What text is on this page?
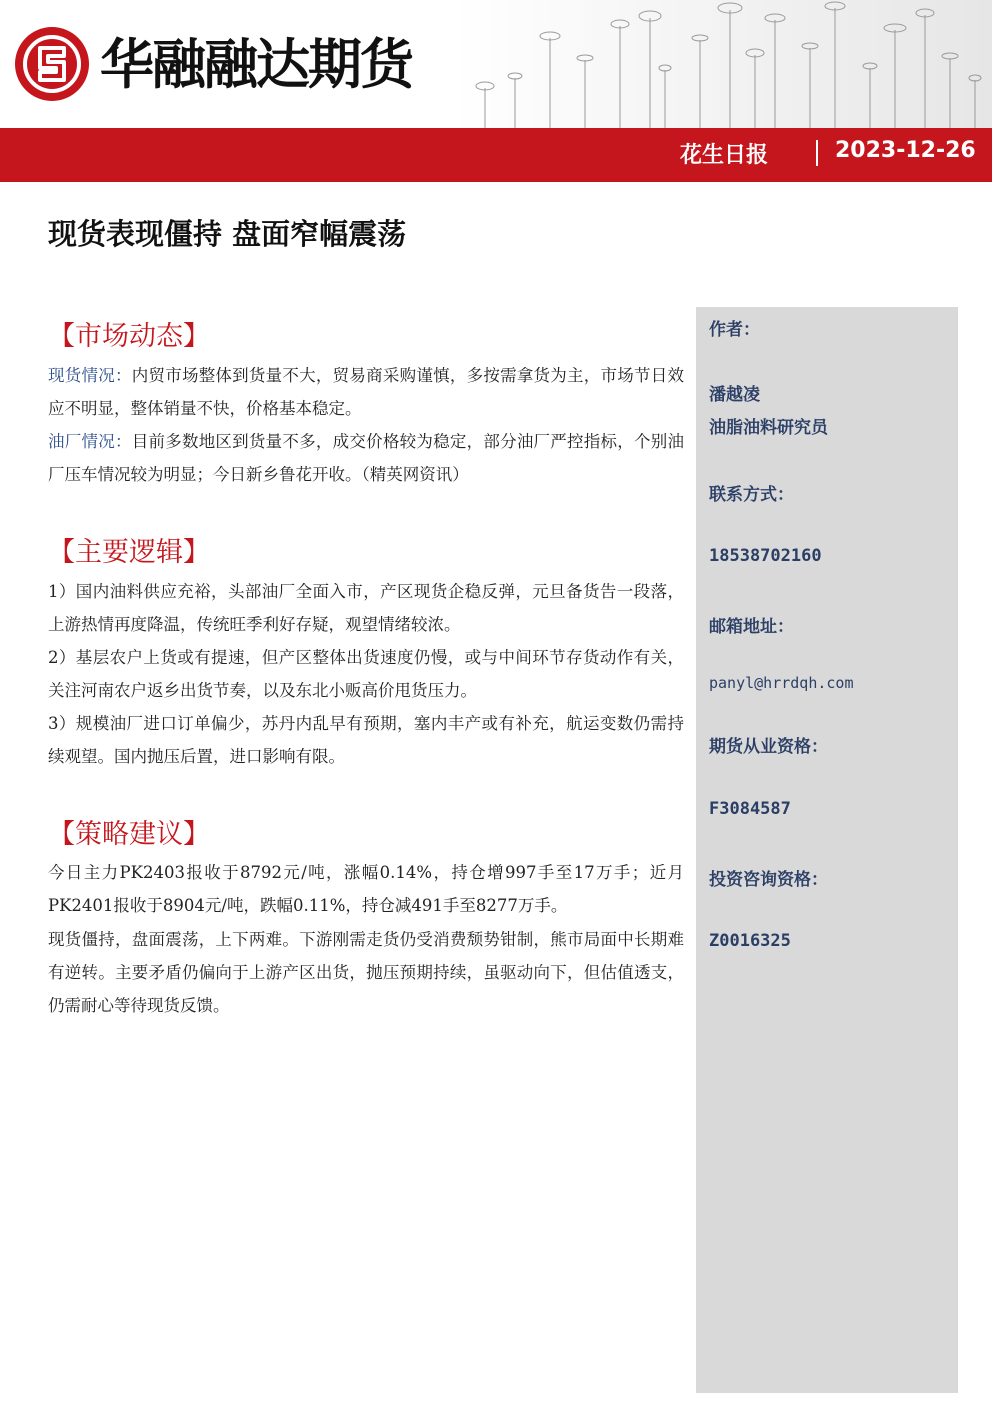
华融融达期货
花生日报	2023-12-26
现货表现僵持 盘面窄幅震荡
作者：
潘越凌
油脂油料研究员
联系方式：
18538702160
邮箱地址：
panyl@hrrdqh.com
期货从业资格：
F3084587
投资咨询资格：
Z0016325
【市场动态】
现货情况：内贸市场整体到货量不大，贸易商采购谨慎，多按需拿货为主，市场节日效应不明显，整体销量不快，价格基本稳定。
油厂情况：目前多数地区到货量不多，成交价格较为稳定，部分油厂严控指标，个别油厂压车情况较为明显；今日新乡鲁花开收。（精英网资讯）
【主要逻辑】
1）国内油料供应充裕，头部油厂全面入市，产区现货企稳反弹，元旦备货告一段落，上游热情再度降温，传统旺季利好存疑，观望情绪较浓。
2）基层农户上货或有提速，但产区整体出货速度仍慢，或与中间环节存货动作有关，关注河南农户返乡出货节奏，以及东北小贩高价甩货压力。
3）规模油厂进口订单偏少，苏丹内乱早有预期，塞内丰产或有补充，航运变数仍需持续观望。国内抛压后置，进口影响有限。
【策略建议】
今日主力PK2403报收于8792元/吨，涨幅0.14%，持仓增997手至17万手；近月PK2401报收于8904元/吨，跌幅0.11%，持仓减491手至8277万手。
现货僵持，盘面震荡，上下两难。下游刚需走货仍受消费颓势钳制，熊市局面中长期难有逆转。主要矛盾仍偏向于上游产区出货，抛压预期持续，虽驱动向下，但估值透支，仍需耐心等待现货反馈。
